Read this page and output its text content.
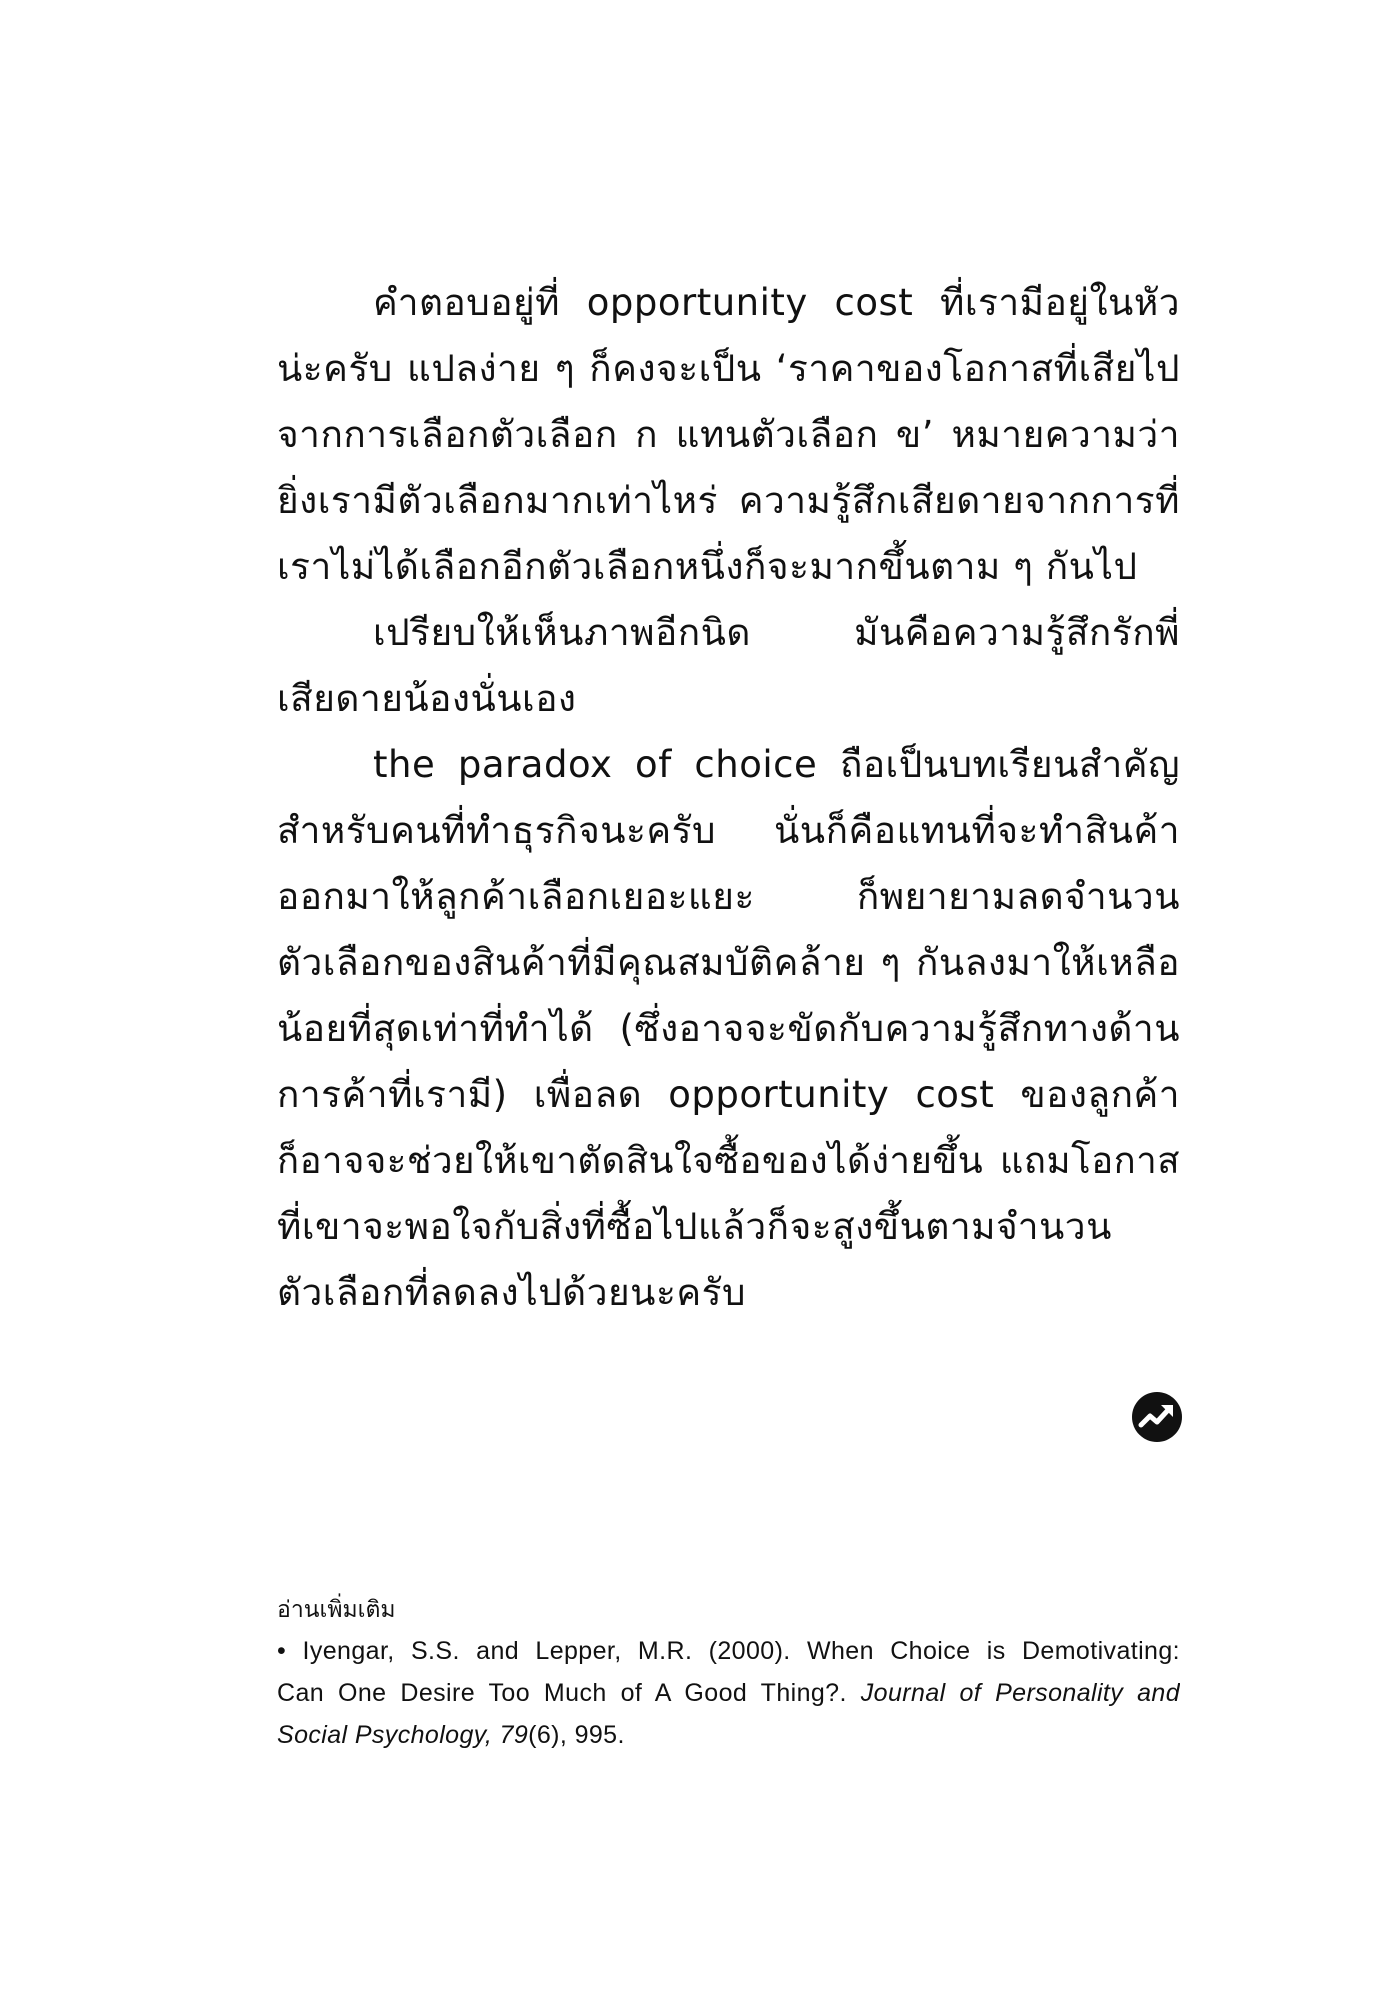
คำตอบอยู่ที่ opportunity cost ที่เรามีอยู่ในหัว
น่ะครับ แปลง่าย ๆ ก็คงจะเป็น ‘ราคาของโอกาสที่เสียไป
จากการเลือกตัวเลือก ก แทนตัวเลือก ข’ หมายความว่า
ยิ่งเรามีตัวเลือกมากเท่าไหร่ ความรู้สึกเสียดายจากการที่
เราไม่ได้เลือกอีกตัวเลือกหนึ่งก็จะมากขึ้นตาม ๆ กันไป
เปรียบให้เห็นภาพอีกนิด มันคือความรู้สึกรักพี่
เสียดายน้องนั่นเอง
the paradox of choice ถือเป็นบทเรียนสำคัญ
สำหรับคนที่ทำธุรกิจนะครับ นั่นก็คือแทนที่จะทำสินค้า
ออกมาให้ลูกค้าเลือกเยอะแยะ ก็พยายามลดจำนวน
ตัวเลือกของสินค้าที่มีคุณสมบัติคล้าย ๆ กันลงมาให้เหลือ
น้อยที่สุดเท่าที่ทำได้ (ซึ่งอาจจะขัดกับความรู้สึกทางด้าน
การค้าที่เรามี) เพื่อลด opportunity cost ของลูกค้า
ก็อาจจะช่วยให้เขาตัดสินใจซื้อของได้ง่ายขึ้น แถมโอกาส
ที่เขาจะพอใจกับสิ่งที่ซื้อไปแล้วก็จะสูงขึ้นตามจำนวน
ตัวเลือกที่ลดลงไปด้วยนะครับ
อ่านเพิ่มเติม
• Iyengar, S.S. and Lepper, M.R. (2000). When Choice is Demotivating:
Can One Desire Too Much of A Good Thing?. Journal of Personality and
Social Psychology, 79(6), 995.
